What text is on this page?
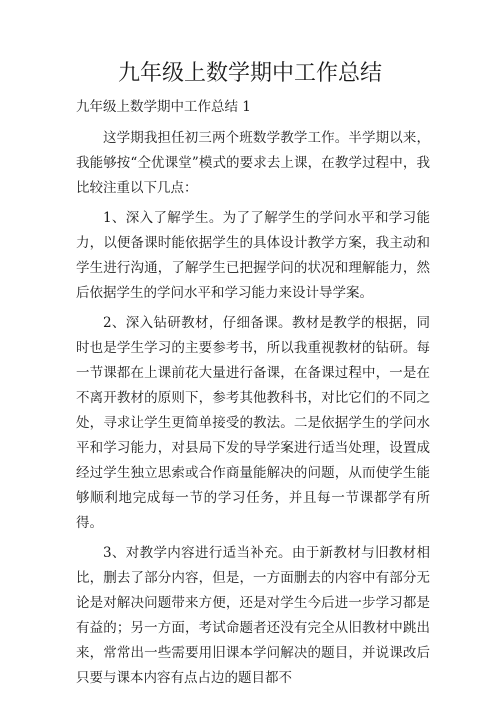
九年级上数学期中工作总结

九年级上数学期中工作总结 1

这学期我担任初三两个班数学教学工作。半学期以来，我能够按“仝优课堂”模式的要求去上课，在教学过程中，我比较注重以下几点：

1、深入了解学生。为了了解学生的学问水平和学习能力，以便备课时能依据学生的具体设计教学方案，我主动和学生进行沟通，了解学生已把握学问的状况和理解能力，然后依据学生的学问水平和学习能力来设计导学案。

2、深入钻研教材，仔细备课。教材是教学的根据，同时也是学生学习的主要参考书，所以我重视教材的钻研。每一节课都在上课前花大量进行备课，在备课过程中，一是在不离开教材的原则下，参考其他教科书，对比它们的不同之处，寻求让学生更简单接受的教法。二是依据学生的学问水平和学习能力，对县局下发的导学案进行适当处理，设置成经过学生独立思索或合作商量能解决的问题，从而使学生能够顺利地完成每一节的学习任务，并且每一节课都学有所得。

3、对教学内容进行适当补充。由于新教材与旧教材相比，删去了部分内容，但是，一方面删去的内容中有部分无论是对解决问题带来方便，还是对学生今后进一步学习都是有益的；另一方面，考试命题者还没有完全从旧教材中跳出来，常常出一些需要用旧课本学问解决的题目，并说课改后只要与课本内容有点占边的题目都不
